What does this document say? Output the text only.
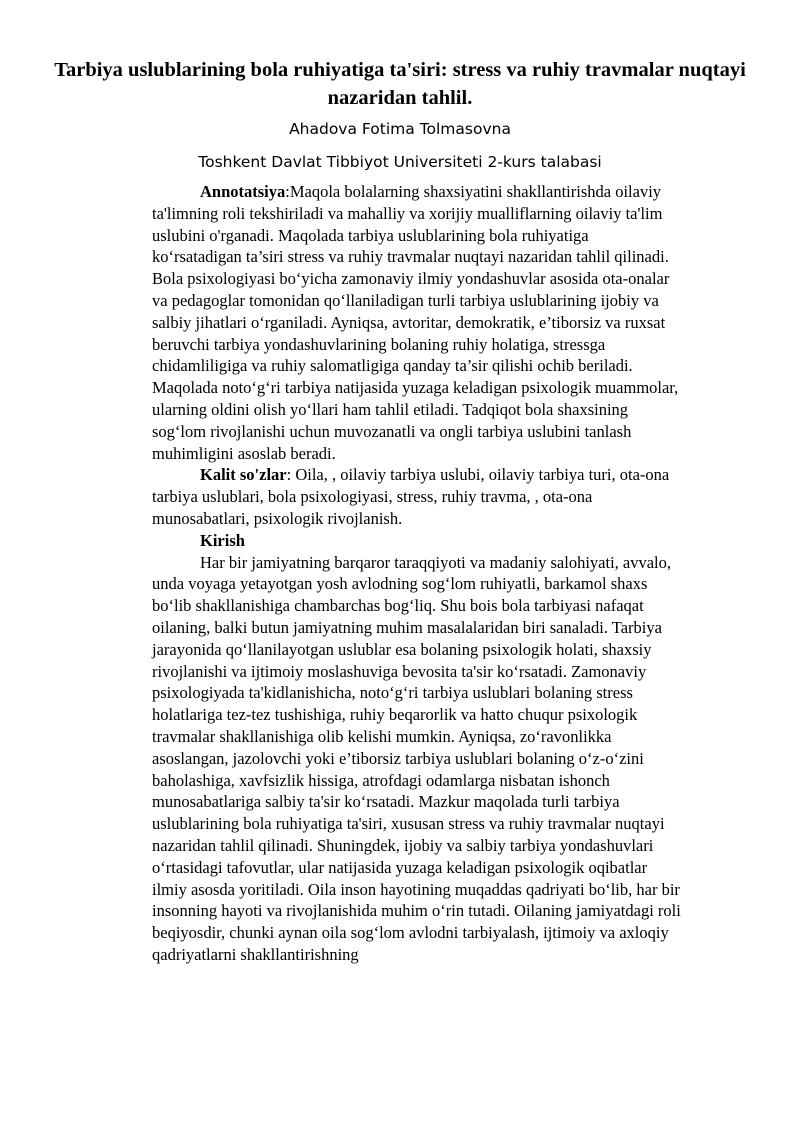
Tarbiya uslublarining bola ruhiyatiga ta'siri: stress va ruhiy travmalar nuqtayi nazaridan tahlil.
Ahadova Fotima Tolmasovna
Toshkent Davlat Tibbiyot Universiteti 2-kurs talabasi

Annotatsiya:Maqola bolalarning shaxsiyatini shakllantirishda oilaviy ta'limning roli tekshiriladi va mahalliy va xorijiy mualliflarning oilaviy ta'lim uslubini o'rganadi. Maqolada tarbiya uslublarining bola ruhiyatiga ko‘rsatadigan ta’siri stress va ruhiy travmalar nuqtayi nazaridan tahlil qilinadi. Bola psixologiyasi bo‘yicha zamonaviy ilmiy yondashuvlar asosida ota-onalar va pedagoglar tomonidan qo‘llaniladigan turli tarbiya uslublarining ijobiy va salbiy jihatlari o‘rganiladi. Ayniqsa, avtoritar, demokratik, e’tiborsiz va ruxsat beruvchi tarbiya yondashuvlarining bolaning ruhiy holatiga, stressga chidamliligiga va ruhiy salomatligiga qanday ta’sir qilishi ochib beriladi. Maqolada noto‘g‘ri tarbiya natijasida yuzaga keladigan psixologik muammolar, ularning oldini olish yo‘llari ham tahlil etiladi. Tadqiqot bola shaxsining sog‘lom rivojlanishi uchun muvozanatli va ongli tarbiya uslubini tanlash muhimligini asoslab beradi.

Kalit so'zlar: Oila, , oilaviy tarbiya uslubi, oilaviy tarbiya turi, ota-ona tarbiya uslublari, bola psixologiyasi, stress, ruhiy travma, , ota-ona munosabatlari, psixologik rivojlanish.

Kirish

Har bir jamiyatning barqaror taraqqiyoti va madaniy salohiyati, avvalo, unda voyaga yetayotgan yosh avlodning sog‘lom ruhiyatli, barkamol shaxs bo‘lib shakllanishiga chambarchas bog‘liq. Shu bois bola tarbiyasi nafaqat oilaning, balki butun jamiyatning muhim masalalaridan biri sanaladi. Tarbiya jarayonida qo‘llanilayotgan uslublar esa bolaning psixologik holati, shaxsiy rivojlanishi va ijtimoiy moslashuviga bevosita ta'sir ko‘rsatadi. Zamonaviy psixologiyada ta'kidlanishicha, noto‘g‘ri tarbiya uslublari bolaning stress holatlariga tez-tez tushishiga, ruhiy beqarorlik va hatto chuqur psixologik travmalar shakllanishiga olib kelishi mumkin. Ayniqsa, zo‘ravonlikka asoslangan, jazolovchi yoki e’tiborsiz tarbiya uslublari bolaning o‘z-o‘zini baholashiga, xavfsizlik hissiga, atrofdagi odamlarga nisbatan ishonch munosabatlariga salbiy ta'sir ko‘rsatadi. Mazkur maqolada turli tarbiya uslublarining bola ruhiyatiga ta'siri, xususan stress va ruhiy travmalar nuqtayi nazaridan tahlil qilinadi. Shuningdek, ijobiy va salbiy tarbiya yondashuvlari o‘rtasidagi tafovutlar, ular natijasida yuzaga keladigan psixologik oqibatlar ilmiy asosda yoritiladi. Oila inson hayotining muqaddas qadriyati bo‘lib, har bir insonning hayoti va rivojlanishida muhim o‘rin tutadi. Oilaning jamiyatdagi roli beqiyosdir, chunki aynan oila sog‘lom avlodni tarbiyalash, ijtimoiy va axloqiy qadriyatlarni shakllantirishning
